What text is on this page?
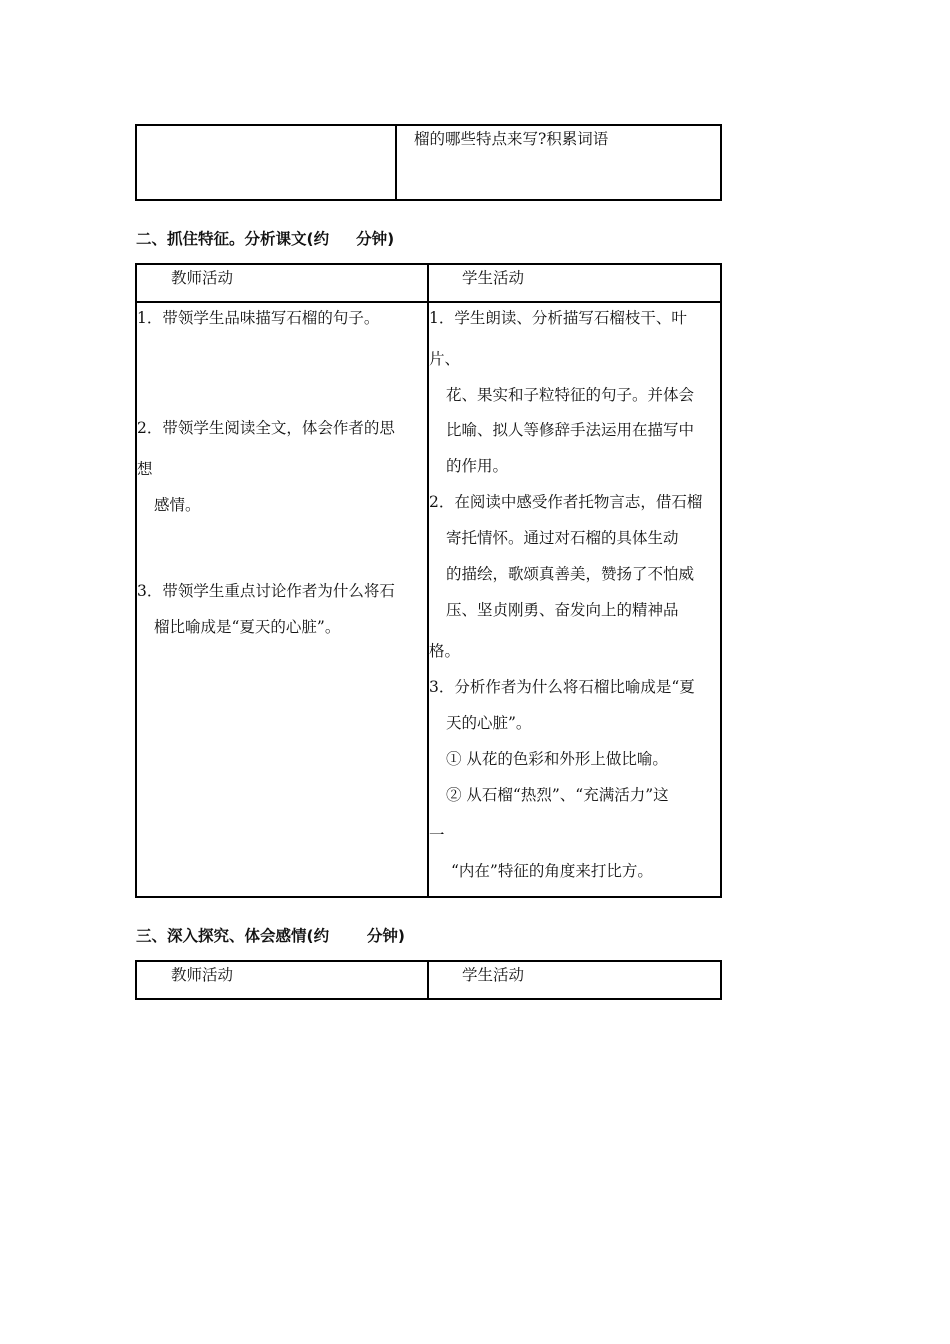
榴的哪些特点来写?积累词语
二、抓住特征。分析课文(约     分钟)
教师活动	学生活动
1．带领学生品味描写石榴的句子。
2．带领学生阅读全文，体会作者的思
想
感情。
3．带领学生重点讨论作者为什么将石
榴比喻成是“夏天的心脏”。
1．学生朗读、分析描写石榴枝干、叶
片、
花、果实和子粒特征的句子。并体会
比喻、拟人等修辞手法运用在描写中
的作用。
2．在阅读中感受作者托物言志，借石榴
寄托情怀。通过对石榴的具体生动
的描绘，歌颂真善美，赞扬了不怕威
压、坚贞刚勇、奋发向上的精神品
格。
3．分析作者为什么将石榴比喻成是“夏
天的心脏”。
① 从花的色彩和外形上做比喻。
② 从石榴“热烈”、“充满活力”这
一
“内在”特征的角度来打比方。
三、深入探究、体会感情(约       分钟)
教师活动	学生活动
